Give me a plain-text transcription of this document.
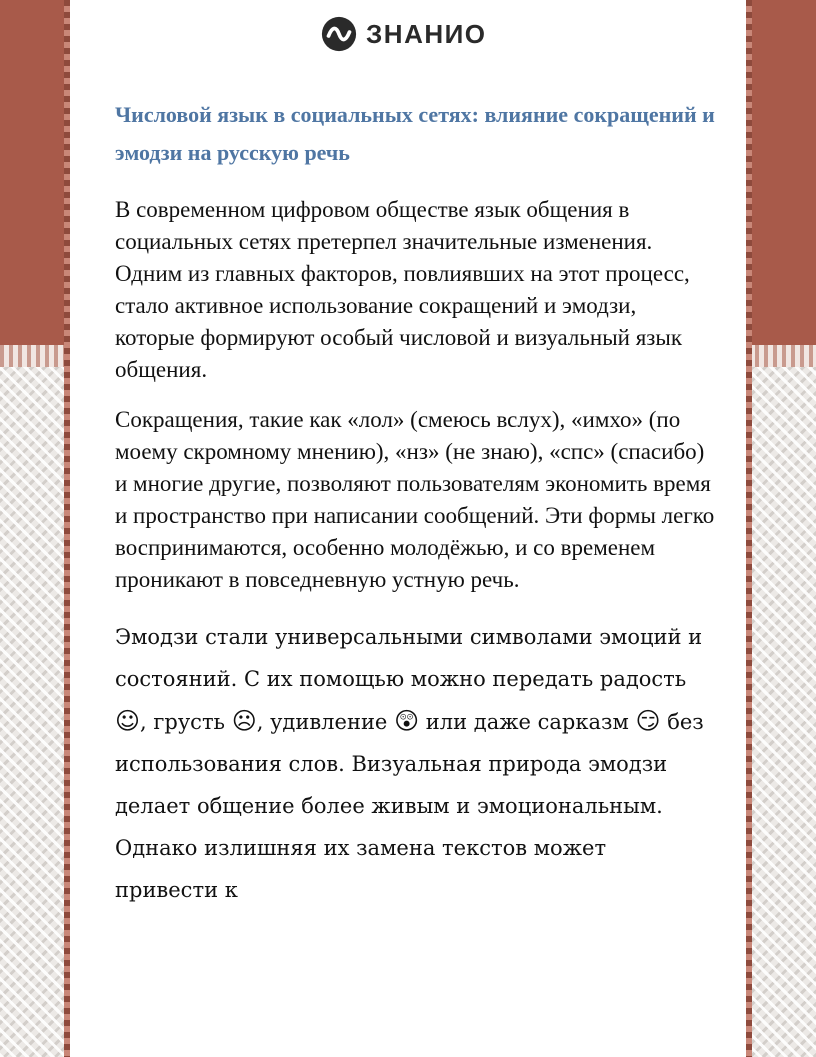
ЗНАНИО
Числовой язык в социальных сетях: влияние сокращений и эмодзи на русскую речь

В современном цифровом обществе язык общения в социальных сетях претерпел значительные изменения. Одним из главных факторов, повлиявших на этот процесс, стало активное использование сокращений и эмодзи, которые формируют особый числовой и визуальный язык общения.

Сокращения, такие как «лол» (смеюсь вслух), «имхо» (по моему скромному мнению), «нз» (не знаю), «спс» (спасибо) и многие другие, позволяют пользователям экономить время и пространство при написании сообщений. Эти формы легко воспринимаются, особенно молодёжью, и со временем проникают в повседневную устную речь.

Эмодзи стали универсальными символами эмоций и состояний. С их помощью можно передать радость ☺, грусть ☹, удивление 😲 или даже сарказм 😏 без использования слов. Визуальная природа эмодзи делает общение более живым и эмоциональным. Однако излишняя их замена текстов может привести к
